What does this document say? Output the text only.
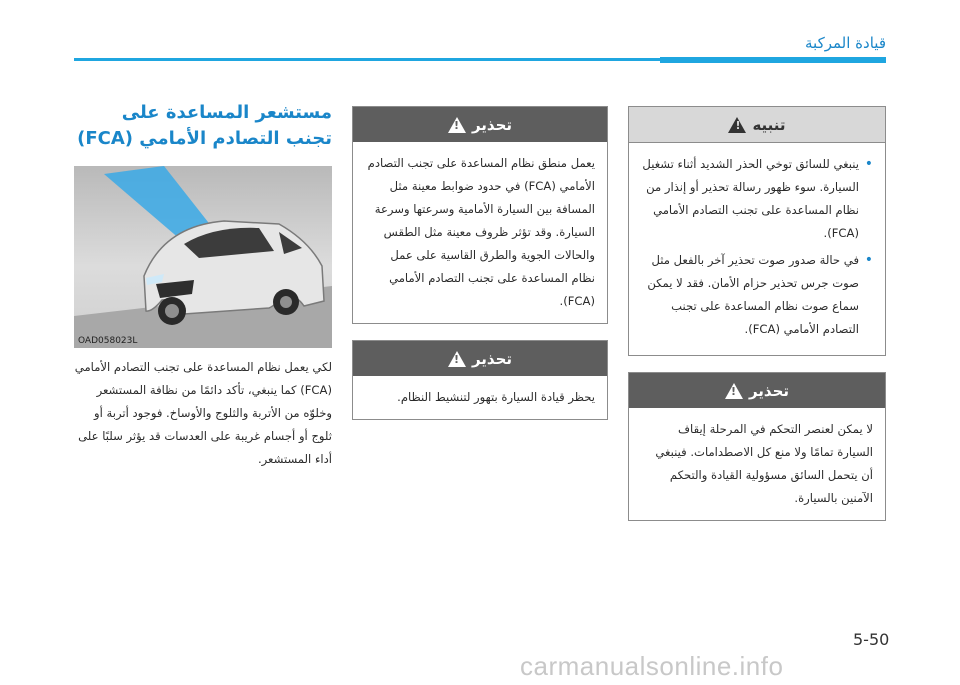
قيادة المركبة
تنبيه
!
• ينبغي للسائق توخي الحذر الشديد أثناء تشغيل السيارة. سوء ظهور رسالة تحذير أو إنذار من نظام المساعدة على تجنب التصادم الأمامي (FCA).
• في حالة صدور صوت تحذير آخر بالفعل مثل صوت جرس تحذير حزام الأمان. فقد لا يمكن سماع صوت نظام المساعدة على تجنب التصادم الأمامي (FCA).
تحذير
!
لا يمكن لعنصر التحكم في المرحلة إيقاف السيارة تمامًا ولا منع كل الاصطدامات. فينبغي أن يتحمل السائق مسؤولية القيادة والتحكم الآمنين بالسيارة.
تحذير
!
يعمل منطق نظام المساعدة على تجنب التصادم الأمامي (FCA) في حدود ضوابط معينة مثل المسافة بين السيارة الأمامية وسرعتها وسرعة السيارة. وقد تؤثر ظروف معينة مثل الطقس والحالات الجوية والطرق القاسية على عمل نظام المساعدة على تجنب التصادم الأمامي (FCA).
تحذير
!
يحظر قيادة السيارة بتهور لتنشيط النظام.
مستشعر المساعدة على تجنب التصادم الأمامي (FCA)
OAD058023L
لكي يعمل نظام المساعدة على تجنب التصادم الأمامي (FCA) كما ينبغي، تأكد دائمًا من نظافة المستشعر وخلوّه من الأتربة والثلوج والأوساخ. فوجود أتربة أو ثلوج أو أجسام غريبة على العدسات قد يؤثر سلبًا على أداء المستشعر.
5-50
carmanualsonline.info
